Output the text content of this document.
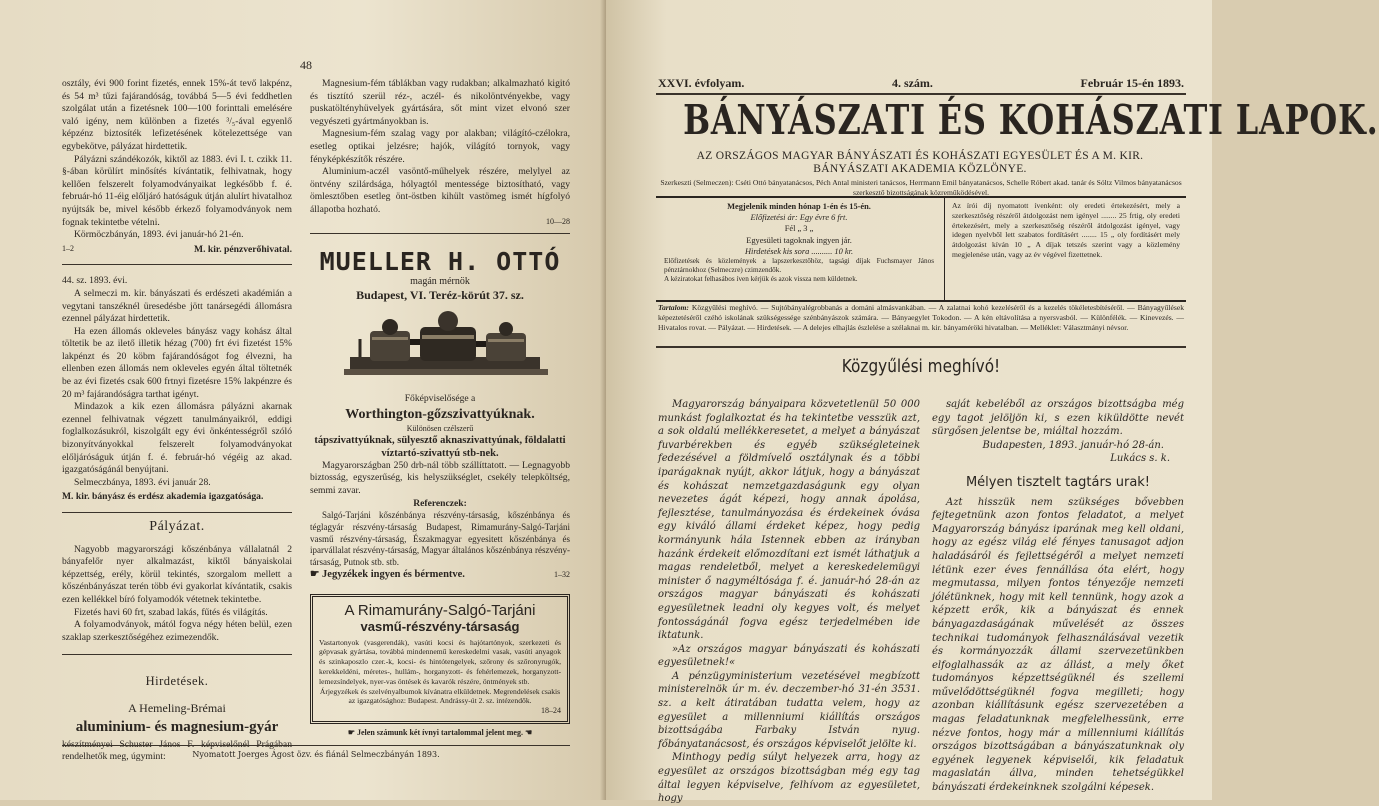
48

osztály, évi 900 forint fizetés, ennek 15%-át tevő lakpénz, és 54 m³ tűzi fajárandóság, továbbá 5—5 évi feddhetlen szolgálat után a fizetésnek 100—100 forinttali emelésére való igény, nem különben a fizetés ³/₅-ával egyenlő képzénz biztosíték lefizetésének kötelezettsége van egybekötve, pályázat hirdettetik.

Pályázni szándékozók, kiktől az 1883. évi I. t. czikk 11. §-ában körülírt minősítés kívántatik, felhivatnak, hogy kellően felszerelt folyamodványaikat legkésőbb f. é. február-hó 11-éig előljáró hatóságuk útján alulírt hivatalhoz nyújtsák be, mivel később érkező folyamodványok nem fognak tekintetbe vételni.

Körmöczbányán, 1893. évi január-hó 21-én.

1–2	M. kir. pénzverőhivatal.
44. sz. 1893. évi.

A selmeczi m. kir. bányászati és erdészeti akadémián a vegytani tanszéknél üresedésbe jött tanársegédi állomásra ezennel pályázat hirdettetik.

Ha ezen állomás okleveles bányász vagy kohász által töltetik be az ilető illetik hézag (700) frt évi fizetést 15% lakpénzt és 20 köbm fajárandóságot fog élvezni, ha ellenben ezen állomás nem okleveles egyén által töltetnék be az évi fizetés csak 600 frtnyi fizetésre 15% lakpénzre és 20 m³ fajárandóságra tarthat igényt.

Mindazok a kik ezen állomásra pályázni akarnak ezennel felhivatnak végzett tanulmányaikról, eddigi foglalkozásukról, kiszolgált egy évi önkéntességről szóló bizonyítványokkal felszerelt folyamodványokat előljáróságuk útján f. é. február-hó végéig az akad. igazgatóságánál benyújtani.

Selmeczbánya, 1893. évi január 28.

M. kir. bányász és erdész akademia igazgatósága.
Pályázat.

Nagyobb magyarországi kőszénbánya vállalatnál 2 bányafelőr nyer alkalmazást, kiktől bányaiskolai képzettség, erély, körül tekintés, szorgalom mellett a kőszénbányászat terén több évi gyakorlat kívántatik, csakis ezen kellékkel bíró folyamodók vétetnek tekintetbe.

Fizetés havi 60 frt, szabad lakás, fűtés és világítás.

A folyamodványok, mától fogva négy héten belül, ezen szaklap szerkesztőségéhez ezimezendők.

Hirdetések.
A Hemeling-Brémai
aluminium- és magnesium-gyár
készítményei Schuster János F. képviselőnél Prágában rendelhetők meg, úgymint:

Magnesium-fém táblákban vagy rudakban; alkalmazható kigitó és tisztító szerül réz-, aczél- és nikolöntvényekbe, vagy puskatöltényhüvelyek gyártására, sőt mint vizet elvonó szer vegyészeti gyártmányokban is.

Magnesium-fém szalag vagy por alakban; világító-czélokra, esetleg optikai jelzésre; hajók, világító tornyok, vagy fényképkészítők részére.

Aluminium-aczél vasöntő-műhelyek részére, melylyel az öntvény szilárdsága, hólyagtól mentessége biztosítható, vagy ömlesztőben esetleg önt-östben kihült vastömeg ismét hígfolyó állapotba hozható.

10—28
MUELLER H. OTTÓ
magán mérnök
Budapest, VI. Teréz-körút 37. sz.
Főképviselősége a
Worthington-gőzszivattyúknak.
Különösen czélszerű
tápszivattyúknak, sülyesztő aknaszivattyúnak, földalatti víztartó-szivattyú stb-nek.

Magyarországban 250 drb-nál több szállíttatott. — Legnagyobb biztosság, egyszerűség, kis helyszükséglet, csekély telepköltség, semmi zavar.

Referenczek:

Salgó-Tarjáni kőszénbánya részvény-társaság, kőszénbánya és téglagyár részvény-társaság Budapest, Rimamurány-Salgó-Tarjáni vasmű részvény-társaság, Északmagyar egyesitett kőszénbánya és iparvállalat részvény-társaság, Magyar általános kőszénbánya részvény-társaság, Putnok stb. stb.

☛ Jegyzékek ingyen és bérmentve.	1–32
A Rimamurány-Salgó-Tarjáni
vasmű-részvény-társaság
Vastartonyok (vasgerendák), vasúti kocsi és hajótartónyok, szerkezeti és gépvasak gyártása, továbbá mindennemű kereskedelmi vasak, vasúti anyagok és szinkaposzlo czer.-k, kocsi- és hintótengelyek, szőrony és szőronyrugók, kerekkeldéni, méretes-, hullám-, horganyzott- és fehérlemezek, horganyzott- lemezsíndelyek, nyer-vas öntések és kavarók részére, öntmények stb.
Árjegyzékek és szelvényalbumok kívánatra elküldetnek. Megrendelések csakis az igazgatósághoz: Budapest. Andrássy-út 2. sz. intézendők.
18–24
☛ Jelen számunk két ívnyi tartalommal jelent meg. ☚
Nyomatott Joerges Ágost özv. és fiánál Selmeczbányán 1893.
XXVI. évfolyam.	4. szám.	Február 15-én 1893.
BÁNYÁSZATI ÉS KOHÁSZATI LAPOK.
AZ ORSZÁGOS MAGYAR BÁNYÁSZATI ÉS KOHÁSZATI EGYESÜLET ÉS A M. KIR.
BÁNYÁSZATI AKADEMIA KÖZLÖNYE.
Szerkeszti (Selmeczen): Cséti Ottó bányatanácsos, Péch Antal ministeri tanácsos, Herrmann Emil bányatanácsos, Schelle Róbert akad. tanár és Sóltz Vilmos bányatanácsos szerkesztő bizottságának közreműködésével.
Megjelenik minden hónap 1-én és 15-én.
Előfizetési ár: Egy évre 6 frt.
Fél „ 3 „
Egyesületi tagoknak ingyen jár.
Hirdetések kis sora .......... 10 kr.
Előfizetések és közlemények a lapszerkesztőhöz, tagsági díjak Fuchsmayer János pénztárnokhoz (Selmeczre) czimzendők.
A kéziratokat felhasábos íven kérjük és azok vissza nem küldetnek.
Az írói díj nyomatott ívenként: oly eredeti értekezésért, mely a szerkesztőség részéről átdolgozást nem igényel ........ 25 frtig, oly eredeti értekezésért, mely a szerkesztőség részéről átdolgozást igényel, vagy idegen nyelvből lett szabatos fordításért ........ 15 „ oly fordításért mely átdolgozást kíván 10 „ A díjak tetszés szerint vagy a közlemény megjelenése után, vagy az év végével fizettetnek.
Tartalom: Közgyűlési meghívó. — Sujtóbányalégrobbanás a dománi almásvankában. — A zalatnai kohó kezeléséről és a kezelés tökéletesbítéséről. — Bányagyűlések képeztetéséről czéhó iskolának szükségessége szénbányászok számára. — Bányaegylet Tokodon. — A kén eltávolítása a nyersvasból. — Különfélék. — Kinevezés. — Hivatalos rovat. — Pályázat. — Hirdetések. — A delejes elhajlás észlelése a szélaknai m. kir. bányaméröki hivatalban. — Melléklet: Választmányi névsor.
Közgyűlési meghívó!

Magyarország bányaipara közvetetlenül 50 000 munkást foglalkoztat és ha tekintetbe vesszük azt, a sok oldalú mellékkeresetet, a melyet a bányászat fuvarbérekben és egyéb szükségleteinek fedezésével a földmívelő osztálynak és a többi iparágaknak nyújt, akkor látjuk, hogy a bányászat és kohászat nemzetgazdaságunk egy olyan nevezetes ágát képezi, hogy annak ápolása, fejlesztése, tanulmányozása és érdekeinek óvása egy kiváló állami érdeket képez, hogy pedig kormányunk hála Istennek ebben az irányban hazánk érdekeit előmozdítani ezt ismét láthatjuk a magas rendeletből, melyet a kereskedelemügyi minister ő nagyméltósága f. é. január-hó 28-án az országos magyar bányászati és kohászati egyesületnek leadni oly kegyes volt, és melyet fontosságánál fogva egész terjedelmében ide iktatunk.

»Az országos magyar bányászati és kohászati egyesületnek!«

A pénzügyministerium vezetésével megbízott ministerelnök úr m. év. deczember-hó 31-én 3531. sz. a kelt átiratában tudatta velem, hogy az egyesület a millenniumi kiállítás országos bizottságába Farbaky István nyug. főbányatanácsost, és országos képviselőt jelölte ki.

Minthogy pedig súlyt helyezek arra, hogy az egyesület az országos bizottságban még egy tag által legyen képviselve, felhívom az egyesületet, hogy

saját kebeléből az országos bizottságba még egy tagot jelöljön ki, s ezen kiküldötte nevét sürgősen jelentse be, miáltal hozzám.

Budapesten, 1893. január-hó 28-án.

Lukács s. k.

Mélyen tisztelt tagtárs urak!

Azt hisszük nem szükséges bővebben fejtegetnünk azon fontos feladatot, a melyet Magyarország bányász iparának meg kell oldani, hogy az egész világ elé fényes tanusagot adjon haladásáról és fejlettségéről a melyet nemzeti létünk ezer éves fennállása óta elért, hogy megmutassa, milyen fontos tényezője nemzeti jólétünknek, hogy mit kell tennünk, hogy azok a képzett erők, kik a bányászat és ennek bányagazdaságának művelését az összes technikai tudományok felhasználásával vezetik és kormányozzák állami szervezetünkben elfoglalhassák az az állást, a mely őket tudományos képzettségüknél és szellemi művelődöttségüknél fogva megilleti; hogy azonban kiállításunk egész szervezetében a magas feladatunknak megfelelhessünk, erre nézve fontos, hogy már a millenniumi kiállítás országos bizottságában a bányászatunknak oly egyének legyenek képviselői, kik feladatuk magaslatán állva, minden tehetségükkel bányászati érdekeinknek szolgálni képesek.
